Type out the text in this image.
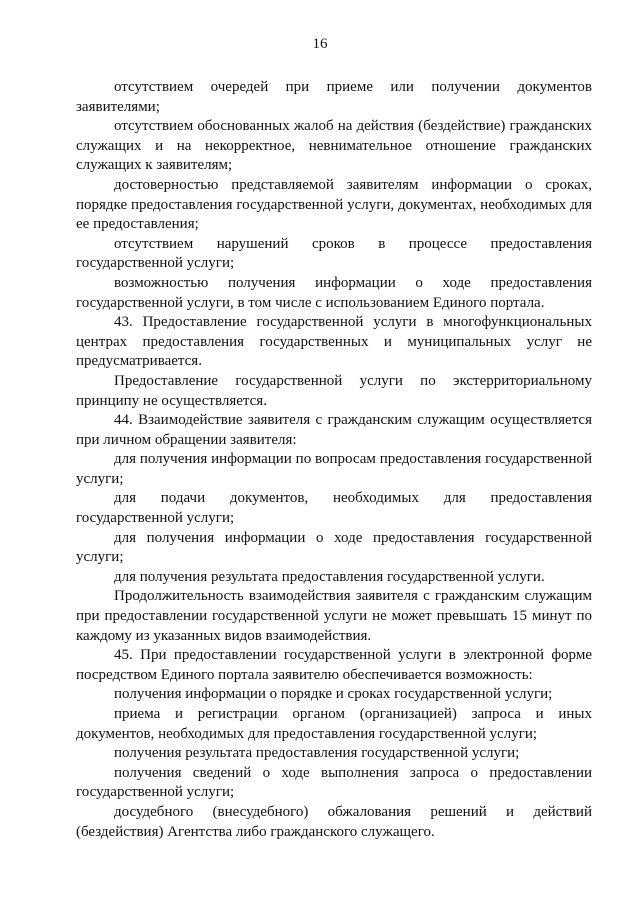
16

отсутствием очередей при приеме или получении документов заявителями;

отсутствием обоснованных жалоб на действия (бездействие) гражданских служащих и на некорректное, невнимательное отношение гражданских служащих к заявителям;

достоверностью представляемой заявителям информации о сроках, порядке предоставления государственной услуги, документах, необходимых для ее предоставления;

отсутствием нарушений сроков в процессе предоставления государственной услуги;

возможностью получения информации о ходе предоставления государственной услуги, в том числе с использованием Единого портала.

43. Предоставление государственной услуги в многофункциональных центрах предоставления государственных и муниципальных услуг не предусматривается.

Предоставление государственной услуги по экстерриториальному принципу не осуществляется.

44. Взаимодействие заявителя с гражданским служащим осуществляется при личном обращении заявителя:

для получения информации по вопросам предоставления государственной услуги;

для подачи документов, необходимых для предоставления государственной услуги;

для получения информации о ходе предоставления государственной услуги;

для получения результата предоставления государственной услуги.

Продолжительность взаимодействия заявителя с гражданским служащим при предоставлении государственной услуги не может превышать 15 минут по каждому из указанных видов взаимодействия.

45. При предоставлении государственной услуги в электронной форме посредством Единого портала заявителю обеспечивается возможность:

получения информации о порядке и сроках государственной услуги;

приема и регистрации органом (организацией) запроса и иных документов, необходимых для предоставления государственной услуги;

получения результата предоставления государственной услуги;

получения сведений о ходе выполнения запроса о предоставлении государственной услуги;

досудебного (внесудебного) обжалования решений и действий (бездействия) Агентства либо гражданского служащего.
